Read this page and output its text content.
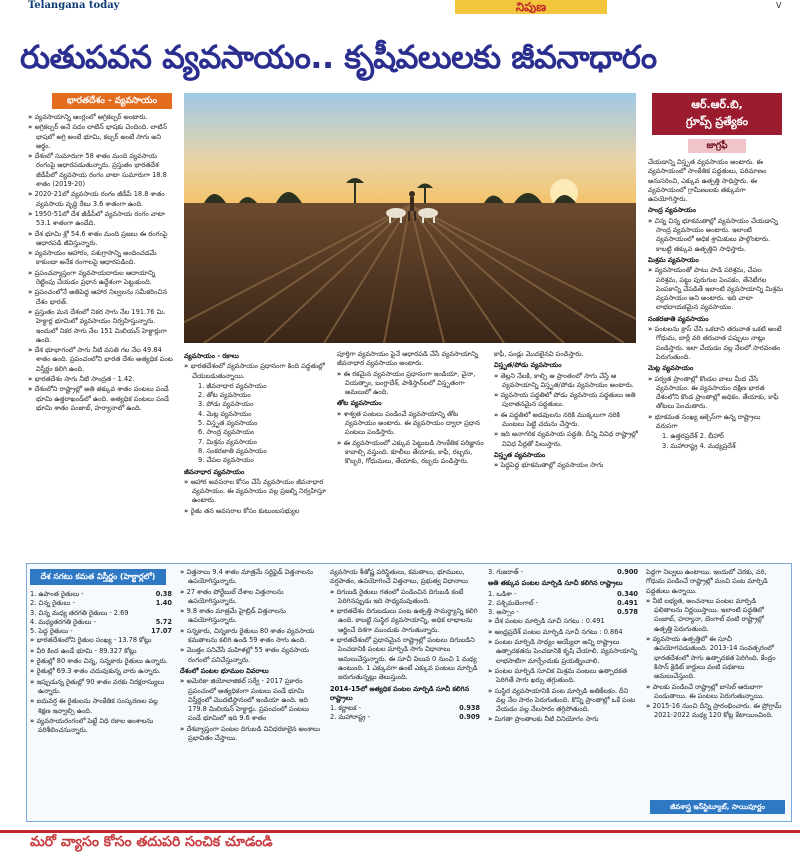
Telangana today	నిపుణ	V
రుతుపవన వ్యవసాయం.. కృషీవలులకు జీవనాధారం
భారతదేశం - వ్యవసాయం	ఆర్.ఆర్.బి,
గ్రూప్స్ ప్రత్యేకం
జాగ్రఫీ

» వ్యవసాయాన్ని ఆంగ్లంలో అగ్రికల్చర్ అంటారు.

» అగ్రికల్చర్ అనే పదం లాటిన్ భాషకు చెందింది. లాటిన్ భాషలో అగ్రి అంటే భూమి, కల్చర్ అంటే సాగు అని అర్థం.

» దేశంలో సుమారుగా 58 శాతం మంది వ్యవసాయ రంగంపై ఆధారపడుతున్నారు. ప్రస్తుతం భారతదేశ జీడీపీలో వ్యవసాయ రంగం వాటా సుమారుగా 18.8 శాతం (2019-20)

» 2020-21లో వ్యవసాయ రంగం జీడీపీ 18.8 శాతం వ్యవసాయ వృద్ధి రేటు 3.6 శాతంగా ఉంది.

» 1950-51లో దేశ జీడీపీలో వ్యవసాయ రంగం వాటా 53.1 శాతంగా ఉండేది.

» దేశ భూమి శ్లో 54.6 శాతం మంది ప్రజలు ఈ రంగంపై ఆధారపడి జీవిస్తున్నారు.

» వ్యవసాయం ఆహారం, పశుగ్రాసాన్ని అందించడమే కాకుండా అనేక రంగాలపై ఆధారపడింది.

» ప్రపంచవ్యాప్తంగా వ్యవసాయదారుల ఆదాయాన్ని రెట్టింపు చేయడం ప్రధాన ఉద్దేశంగా పెట్టుకుంది.

» ప్రపంచంలోనే అతిపెద్ద ఆహార నిల్వలను సమీకరించిన దేశం భారత్.

» ప్రస్తుతం మన దేశంలో నికర సాగు నేల 191.76 మి. హెక్టార్ల భూమిలో వ్యవసాయం నిర్వహిస్తున్నారు. ఇందులో నికర సాగు నేల 151 మిలియన్ హెక్టార్లుగా ఉంది.

» దేశ భూభాగంలో సాగు నీటి వసతి గల నేల 49.84 శాతం ఉంది. ప్రపంచంలోని భారత దేశం అత్యధిక పంట విస్తీర్ణం కలిగి ఉంది.

» భారతదేశం సాగు నీటి సాంద్రత - 1.42.

» దేశంలోని రాష్ట్రాల్లో అతి తక్కువ శాతం పంటలు పండే భూమి ఉత్తరాఖండ్‌లో ఉంది. అత్యధిక పంటలు పండే భూమి శాతం పంజాబ్, హర్యానాలో ఉంది.

వ్యవసాయం - రకాలు

» భారతదేశంలో వ్యవసాయం ప్రధానంగా కింది పద్ధతుల్లో చేయబడుతున్నాయి.

1. జీవనాధార వ్యవసాయం

2. తోట వ్యవసాయం

3. పోడు వ్యవసాయం

4. మెట్ల వ్యవసాయం

5. విస్తృత వ్యవసాయం

6. సాంద్ర వ్యవసాయం

7. మిశ్రమ వ్యవసాయం

8. సంకరజాతి వ్యవసాయం

9. చేపల వ్యవసాయం

జీవనాధార వ్యవసాయం

» ఆహార అవసరాల కోసం చేసే వ్యవసాయం జీవనాధార వ్యవసాయం. ఈ వ్యవసాయం వల్ల ప్రజల్ని నిర్వహిస్తూ ఉంటారు.

» రైతు తన అవసరాల కోసం కుటుంబసభ్యుల

పూర్తిగా వ్యవసాయం పైనే ఆధారపడి చేసే వ్యవసాయాన్ని జీవనాధార వ్యవసాయం అంటారు.

» ఈ రకమైన వ్యవసాయం ప్రధానంగా ఇండియా, చైనా, వియత్నాం, బంగ్లాదేశ్, పాకిస్తాన్‌లలో విస్తృతంగా అమలులో ఉంది.

తోట వ్యవసాయం

» శాశ్వత పంటలు పండించే వ్యవసాయాన్ని తోట వ్యవసాయం అంటారు. ఈ వ్యవసాయం ద్వారా ప్రధాన పంటలు పండిస్తారు.

» ఈ వ్యవసాయంలో ఎక్కువ పెట్టుబడి సాంకేతిక పరిజ్ఞానం కావాల్సి వస్తుంది. కూలీలు తేయాకు, కాఫీ, రబ్బరు, కొబ్బరి, గోధుమలు, తేయాకు, రబ్బరు పండిస్తారు.

కాఫీ, పండ్లు మొదలైనవి పండిస్తారు.

విస్తృత/పోడు వ్యవసాయం

» తెల్లని నేలకి, కాల్చి ఆ ప్రాంతంలో సాగు చేస్తే ఆ వ్యవసాయాన్ని విస్తృత/పోడు వ్యవసాయం అంటారు.

» వ్యవసాయ పద్ధతిలో పోడు వ్యవసాయ పద్ధతులు అతి పురాతనమైన పద్ధతులు.

» ఈ పద్ధతిలో అడవులను నరికి ముక్కలుగా నరికి మంటలు పెట్టి చదును చేస్తారు.

» ఇది అనాగరిక వ్యవసాయ పద్ధతి. దీన్ని వివిధ రాష్ట్రాల్లో వివిధ పేర్లతో పిలుస్తారు.

విస్తృత వ్యవసాయం

» పెద్దపెద్ద భూకమతాల్లో వ్యవసాయం సాగు

చేయడాన్ని విస్తృత వ్యవసాయం అంటారు. ఈ వ్యవసాయంలో సాంకేతిక పద్ధతులు, పరిమాణం అనుసరించి, ఎక్కువ ఉత్పత్తి సాధిస్తారు. ఈ వ్యవసాయంలో గ్రామీణులకు తక్కువగా ఉపయోగిస్తారు.

సాంద్ర వ్యవసాయం

» చిన్న చిన్న భూకమతాల్లో వ్యవసాయం చేయడాన్ని సాంద్ర వ్యవసాయం అంటారు. ఇలాంటి వ్యవసాయంలో అధిక శ్రామికులు పాల్గొంటారు. కాబట్టి తక్కువ ఉత్పత్తిని సాధిస్తారు.

మిశ్రమ వ్యవసాయం

» వ్యవసాయంతో పాటు పాడి పరిశ్రమ, చేపల పరిశ్రమ, పట్టు పురుగుల పెంపకం, తేనెటీగల పెంపకాన్ని చేపడితే ఇలాంటి వ్యవసాయాన్ని మిశ్రమ వ్యవసాయం అని అంటారు. ఇది చాలా లాభదాయకమైన వ్యవసాయం.

సంకరజాతి వ్యవసాయం

» పంటలను క్రాస్ చేసి ఒకదాని తరువాత ఒకటి అంటే గోధుమ, బార్లీ వరి తరువాత పప్పులు నాట్లు పండిస్తారు. ఇలా చేయడం వల్ల నేలలో సారవంతం పెరుగుతుంది.

మెట్ల వ్యవసాయం

» పర్వత ప్రాంతాల్లో కొండల వాలు మీద చేసే వ్యవసాయం. ఈ వ్యవసాయం దక్షిణ భారత దేశంలోని కొండ ప్రాంతాల్లో అధికం. తేయాకు, కాఫీ తోటలు పెంచుతారు.

» భూకమత సంఖ్య ఆక్సెస్‌గా ఉన్న రాష్ట్రాలు వరుసగా

1. ఉత్తరప్రదేశ్ 2. బీహార్

3. మహారాష్ట్ర 4. మధ్యప్రదేశ్

దేశ సగటు కమత విస్తీర్ణం (హెక్టార్లలో)
1. ఉపాంత రైతులు -	0.38
2. చిన్న రైతులు -	1.40
3. చిన్న మధ్య తరగతి రైతులు - 2.69
4. మధ్యతరగతి రైతులు -	5.72
5. పెద్ద రైతులు -	17.07

» భారతదేశంలోని రైతుల సంఖ్య - 13.78 కోట్లు

» వీరి కింద ఉండే భూమి - 89.327 కోట్లు

» రైతుల్లో 80 శాతం చిన్న, సన్నకారు రైతులు ఉన్నారు.

» రైతుల్లో 69.3 శాతం చదువుకున్న వారు ఉన్నారు.

» ఇప్పుడున్న రైతుల్లో 90 శాతం వరకు నిరక్షరాస్యులు ఉన్నారు.

» ఐదువర్ష ఈ రైతులను సాంకేతిక సంస్కరణల వల్ల శిక్షణ ఇవ్వాల్సి ఉంది.

» వ్యవసాయరంగంలో పెట్టే విధి రకాల అంశాలను పరిశీలించనున్నారు.

» విత్తనాలు 9.4 శాతం మాత్రమే సర్టిఫైడ్ విత్తనాలను ఉపయోగిస్తున్నారు.

» 27 శాతం పోర్టేబుల్ దేశాల విత్తనాలను ఉపయోగిస్తున్నారు.

» 9.8 శాతం మాత్రమే హైబ్రిడ్ విత్తనాలను ఉపయోగిస్తున్నారు.

» సన్నకారు, చిన్నకారు రైతులు 80 శాతం వ్యవసాయ కమతాలను కలిగి ఉండి 59 శాతం సాగు ఉంది.

» మొత్తం పనిచేసే మహిళల్లో 55 శాతం వ్యవసాయ రంగంలో పనిచేస్తున్నారు.

దేశంలో పంటల భూముల వివరాలు

» అమెరికా జియోలాజికల్ సర్వే - 2017 ప్రకారం ప్రపంచంలో అత్యధికంగా పంటలు పండే భూమి విస్తీర్ణంలో మొదటిస్థానంలో ఇండియా ఉంది. ఇది 179.8 మిలియన్ హెక్టార్లు. ప్రపంచంలో పంటలు పండే భూమిలో ఇది 9.6 శాతం

» దేశవ్యాప్తంగా పంటల దిగుబడి వివిధరకాలైన అంశాలు ప్రభావితం చేస్తాయి.

వ్యవసాయ శీతోష్ణ పరిస్థితులు, కమతాలు, భూములు, వర్షపాతం, ఉపయోగించే విత్తనాలు, ప్రభుత్వ విధానాలు

» దిగుబడి రైతులు గతంలో పండించిన దిగుబడి కంటే పెరిగినప్పుడు ఇది సాధ్యమవుతుంది.

» భారతదేశం దిగుబడులు పంట ఉత్పత్తి సామర్థ్యాన్ని కలిగి ఉంది. కాబట్టి సుస్థిర వ్యవసాయాన్ని, అధిక లాభాలను ఆర్జించే దిశగా ముందుకు సాగుతున్నారు.

» భారతదేశంలో ప్రధానమైన రాష్ట్రాల్లో పంటలు దిగుబడిని పెంచడానికి పంటల మార్పిడి సాగు విధానాలు అమలుచేస్తున్నారు. ఈ సూచీ విలువ 0 నుంచి 1 మధ్య ఉంటుంది. 1 ఎక్కువగా ఉంటే ఎక్కువ పంటలు మార్పిడి జరుగుతున్నట్లు తెలుస్తుంది.

2014-15లో అత్యధిక పంటల మార్పిడి సూచీ కలిగిన రాష్ట్రాలు

1. కర్ణాటక -	0.938
2. మహారాష్ట్ర -	0.909
3. గుజరాత్ -	0.900

అతి తక్కువ పంటల మార్పిడి సూచీ కలిగిన రాష్ట్రాలు

1. ఒడిశా -	0.340
2. పశ్చిమబెంగాల్ -	0.491
3. అస్సాం -	0.578

» దేశ పంటల మార్పిడి సూచీ సగటు : 0.491

» ఆంధ్రప్రదేశ్ పంటల మార్పిడి సూచీ సగటు : 0.864

» పంటల మార్పిడి సాధ్యం అయ్యేలా అన్ని రాష్ట్రాలు ఉత్పాదకతను పెంచడానికి కృషి చేయాలి. వ్యవసాయాన్ని లాభసాటిగా మార్చేందుకు ప్రయత్నించాలి.

» పంటల మార్పిడి సూచిక మిశ్రమ పంటలు ఉత్పాదకత పెరిగితే సాగు ఖర్చు తగ్గుతుంది.

» సుస్థిర వ్యవసాయానికి పంట మార్పిడి అతికీలకం. దీని వల్ల నేల సారం పెరుగుతుంది. కొన్ని ప్రాంతాల్లో ఒకే పంట వేయడం వల్ల నేలసారం తగ్గిపోతుంది.

» మిగతా ప్రాంతాలకు నీటి వినియోగం సాగు

పెద్దగా నిల్వలు ఉంటాయి. ఇందులో చెరకు, వరి, గోధుమ పండించే రాష్ట్రాల్లో మంచి పంట మార్పిడి పద్ధతులు ఉన్నాయి.

» నీటి లభ్యత, అంచనాలు పంటల మార్పిడి ఫలితాలను నిర్ణయిస్తాయి. ఇలాంటి పద్ధతిలో పంజాబ్, హర్యానా, బెంగాల్ వంటి రాష్ట్రాల్లో ఉత్పత్తి పెరుగుతుంది.

» వ్యవసాయ ఉత్పత్తిలో ఈ సూచీ ఉపయోగపడుతుంది. 2013-14 సంవత్సరంలో భారతదేశంలో సాగు ఉత్పాదకత పెరిగింది. కేంద్రం కిసాన్ క్రెడిట్ కార్డులు వంటి పథకాలు అమలుచేస్తుంది.

» పాలకు పండించే రాష్ట్రాల్లో బాసెల్ ఆరుబాగా పండుతాయి. ఈ పంటలు పెరుగుతున్నాయి.

» 2015-16 నుంచి దీన్ని ప్రారంభించారు. ఈ ప్రోగ్రామ్ 2021-2022 మధ్య 120 కోట్ల కేటాయించింది.

జీవశాస్త్ర ఇన్‌స్టిట్యూట్, సాయిపూర్ణం
మరో వ్యాసం కోసం తదుపరి సంచిక చూడండి
